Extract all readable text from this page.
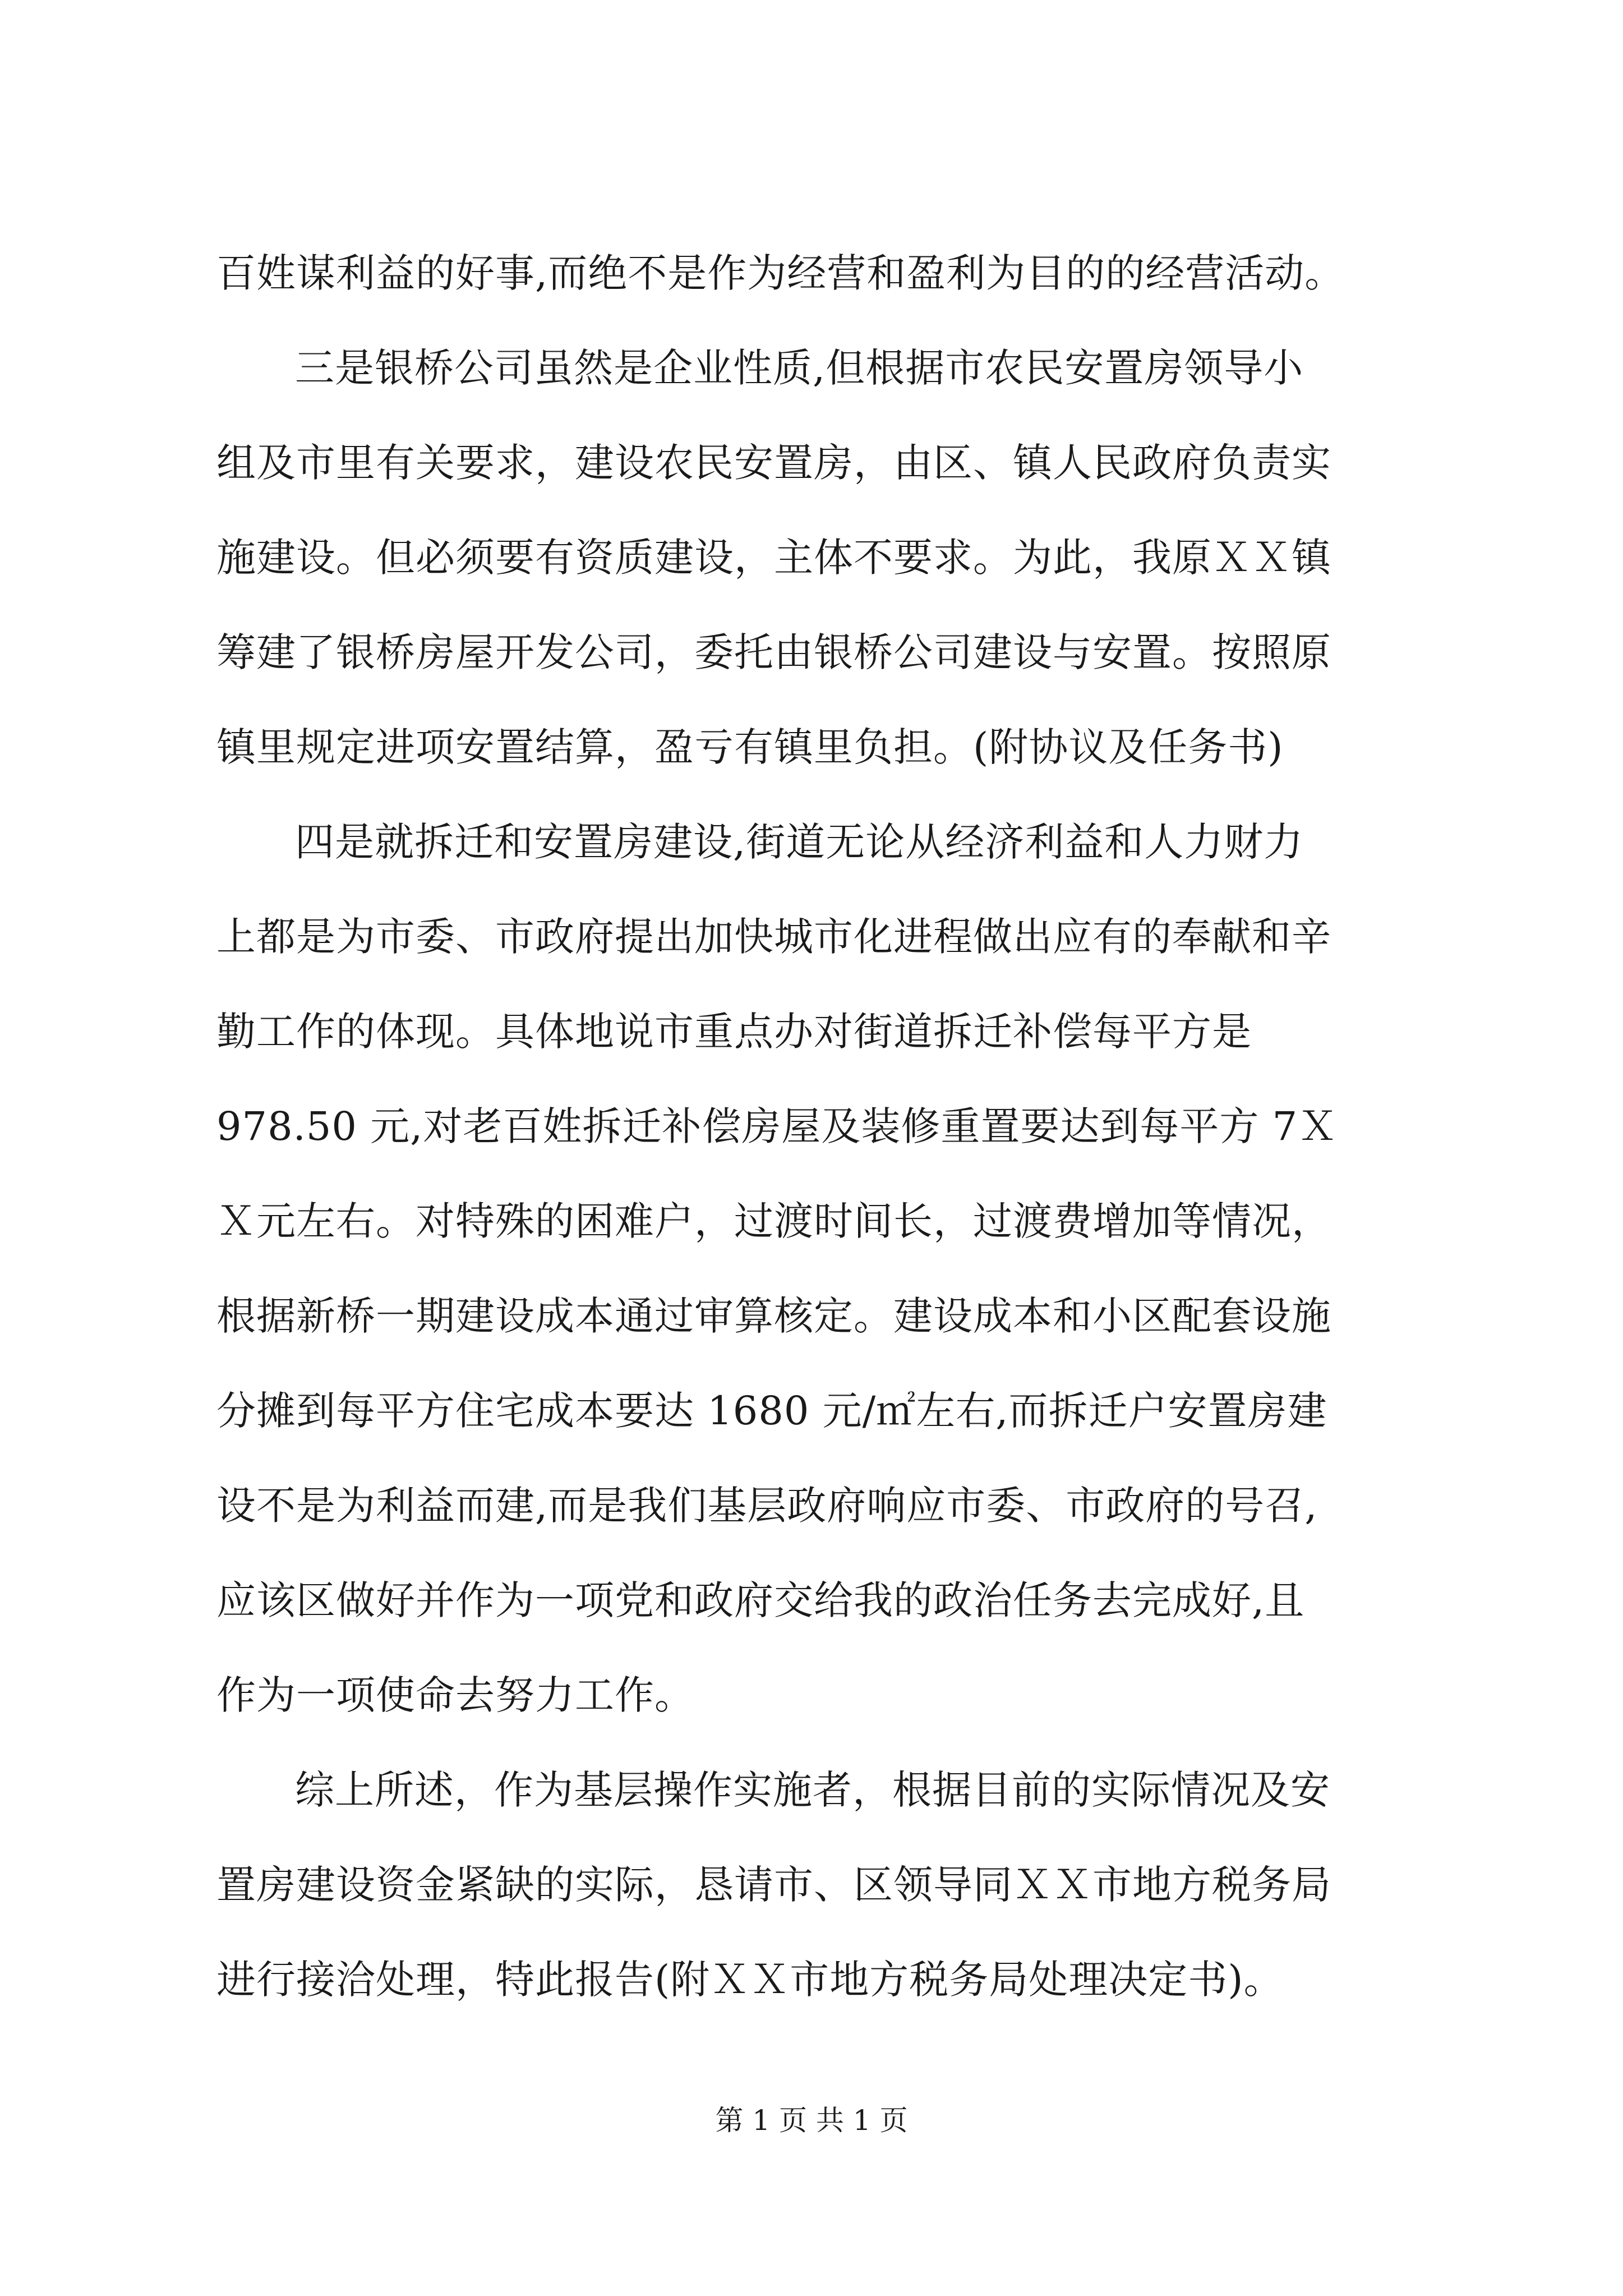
百姓谋利益的好事,而绝不是作为经营和盈利为目的的经营活动。
三是银桥公司虽然是企业性质,但根据市农民安置房领导小
组及市里有关要求，建设农民安置房，由区、镇人民政府负责实
施建设。但必须要有资质建设，主体不要求。为此，我原ＸＸ镇
筹建了银桥房屋开发公司，委托由银桥公司建设与安置。按照原
镇里规定进项安置结算，盈亏有镇里负担。(附协议及任务书)
四是就拆迁和安置房建设,街道无论从经济利益和人力财力
上都是为市委、市政府提出加快城市化进程做出应有的奉献和辛
勤工作的体现。具体地说市重点办对街道拆迁补偿每平方是
978.50 元,对老百姓拆迁补偿房屋及装修重置要达到每平方 7Ｘ
Ｘ元左右。对特殊的困难户，过渡时间长，过渡费增加等情况，
根据新桥一期建设成本通过审算核定。建设成本和小区配套设施
分摊到每平方住宅成本要达 1680 元/㎡左右,而拆迁户安置房建
设不是为利益而建,而是我们基层政府响应市委、市政府的号召,
应该区做好并作为一项党和政府交给我的政治任务去完成好,且
作为一项使命去努力工作。
综上所述，作为基层操作实施者，根据目前的实际情况及安
置房建设资金紧缺的实际，恳请市、区领导同ＸＸ市地方税务局
进行接洽处理，特此报告(附ＸＸ市地方税务局处理决定书)。
第 1 页 共 1 页
